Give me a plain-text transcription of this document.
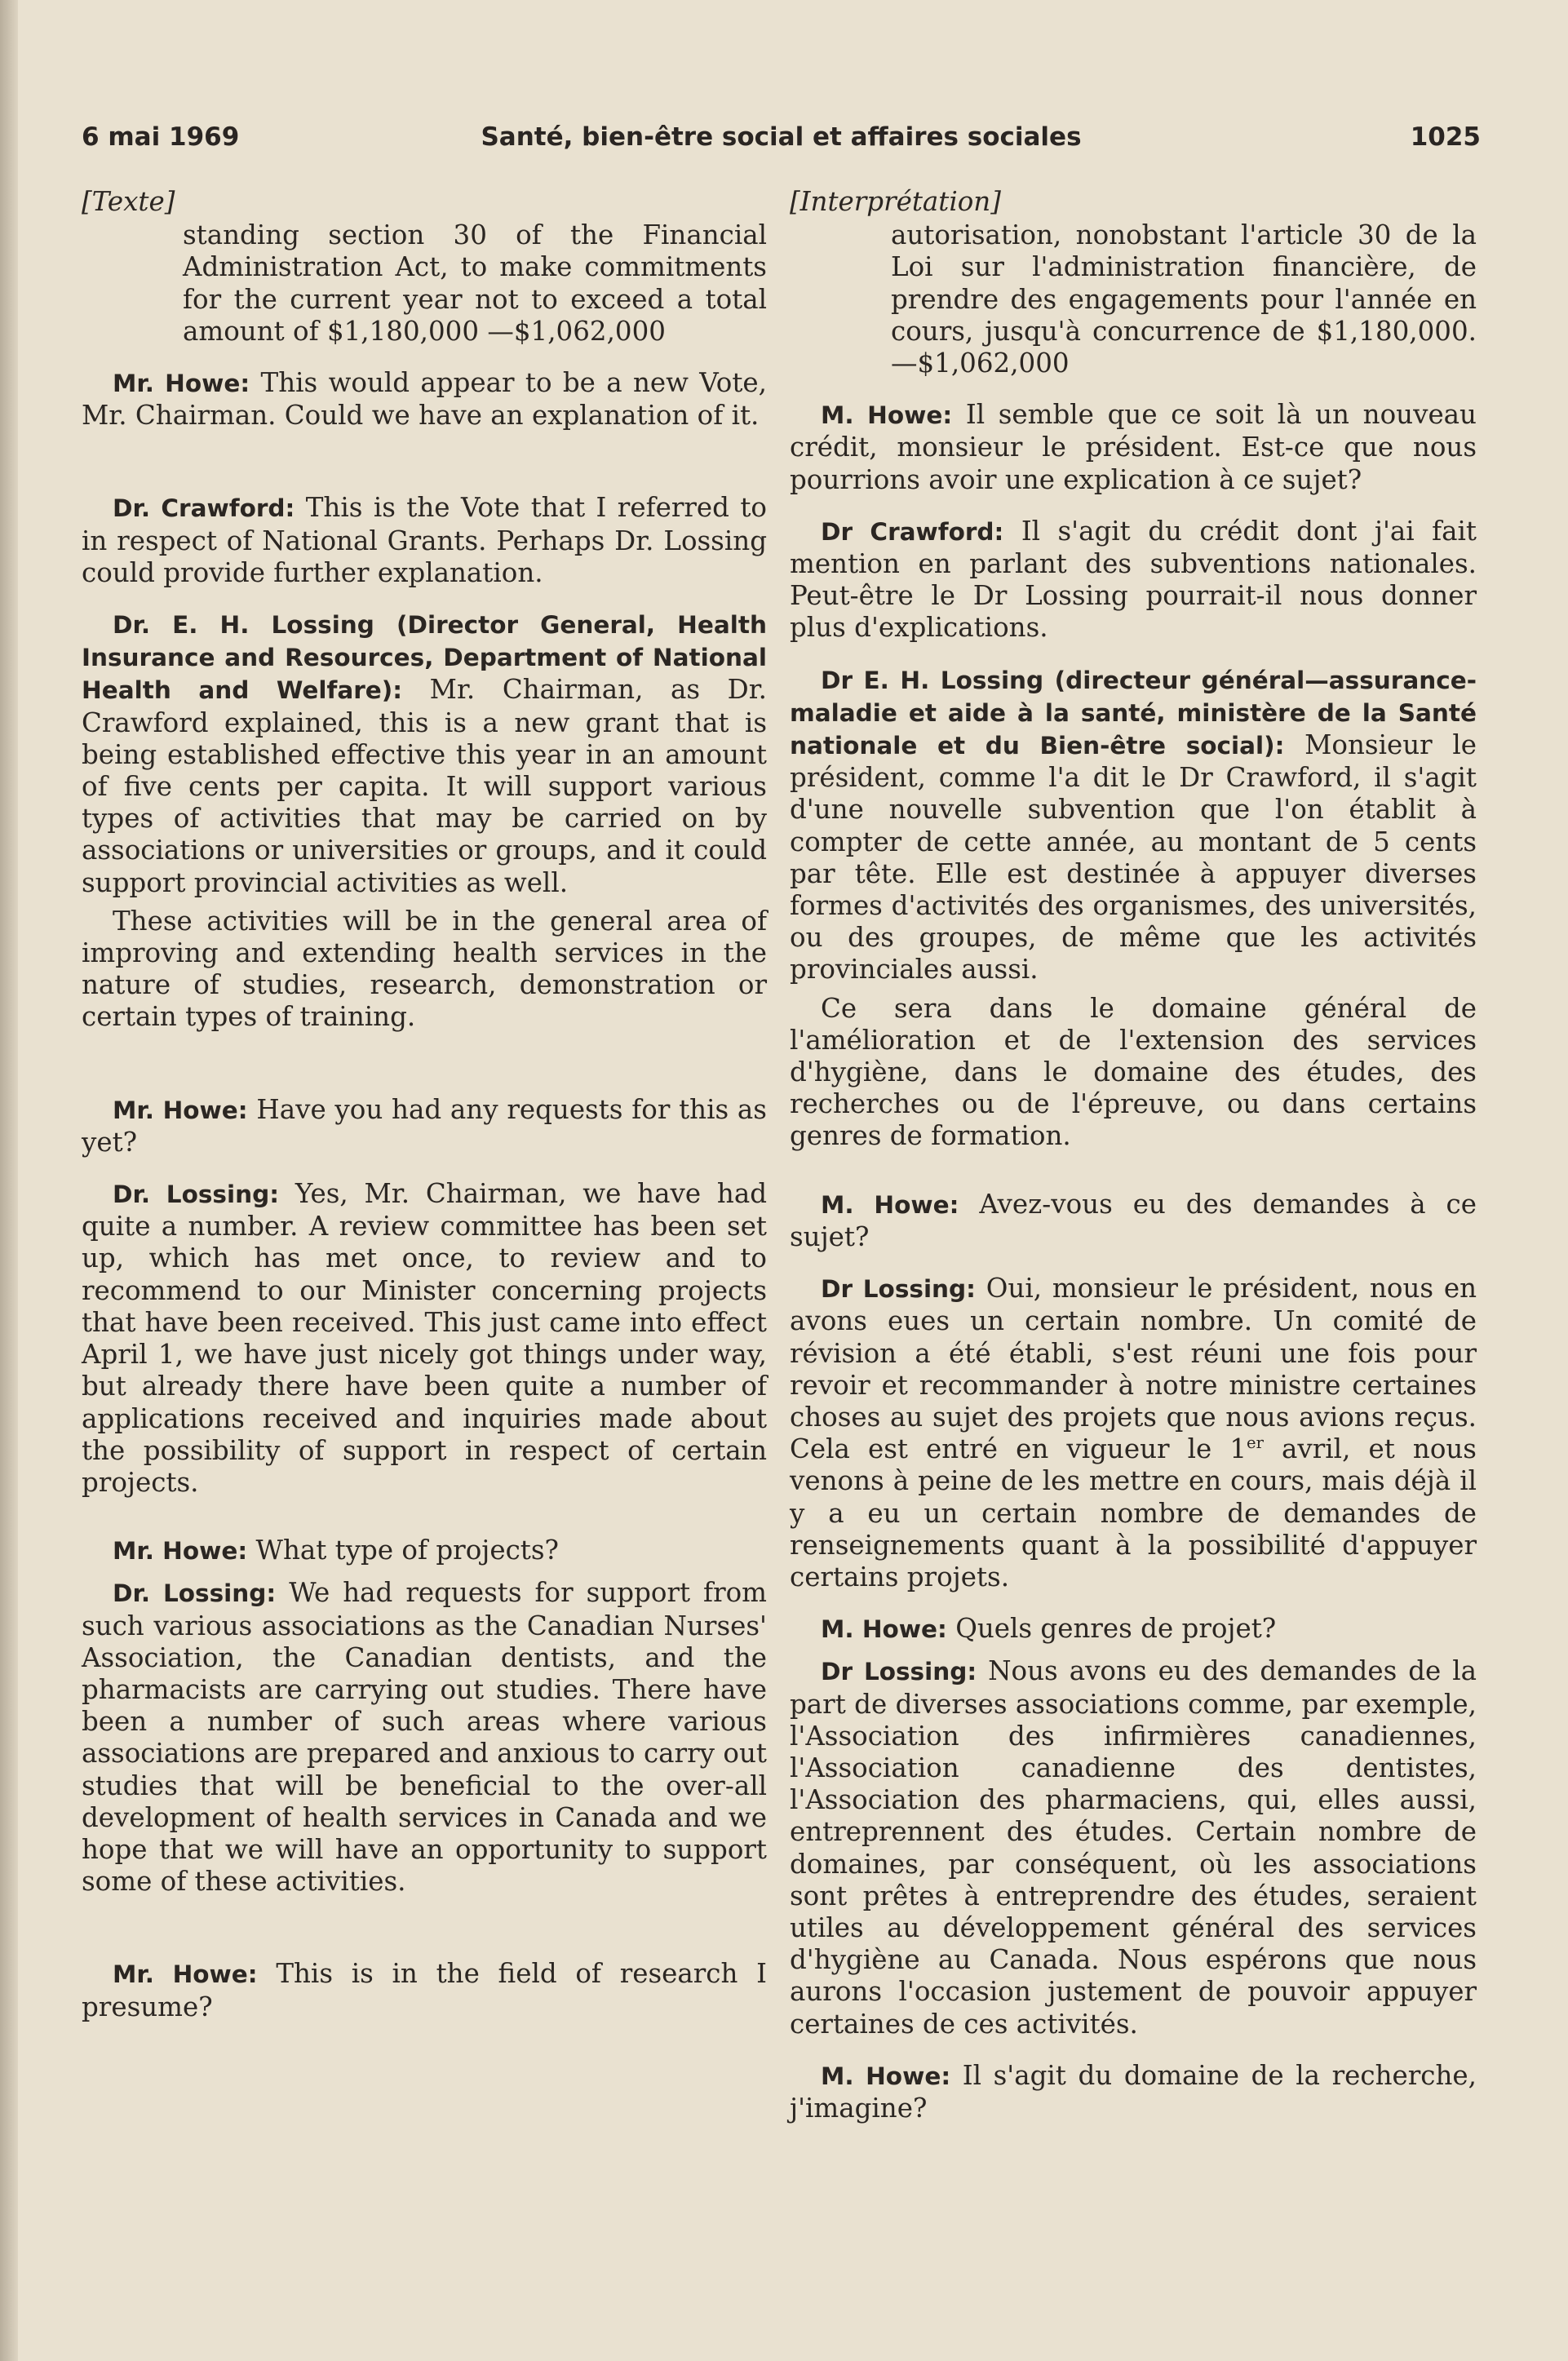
6 mai 1969	Santé, bien-être social et affaires sociales	1025
[Texte]

standing section 30 of the Financial Administration Act, to make commitments for the current year not to exceed a total amount of $1,180,000 —$1,062,000

Mr. Howe: This would appear to be a new Vote, Mr. Chairman. Could we have an explanation of it.

Dr. Crawford: This is the Vote that I referred to in respect of National Grants. Perhaps Dr. Lossing could provide further explanation.

Dr. E. H. Lossing (Director General, Health Insurance and Resources, Department of National Health and Welfare): Mr. Chairman, as Dr. Crawford explained, this is a new grant that is being established effective this year in an amount of five cents per capita. It will support various types of activities that may be carried on by associations or universities or groups, and it could support provincial activities as well.

These activities will be in the general area of improving and extending health services in the nature of studies, research, demonstration or certain types of training.

Mr. Howe: Have you had any requests for this as yet?

Dr. Lossing: Yes, Mr. Chairman, we have had quite a number. A review committee has been set up, which has met once, to review and to recommend to our Minister concerning projects that have been received. This just came into effect April 1, we have just nicely got things under way, but already there have been quite a number of applications received and inquiries made about the possibility of support in respect of certain projects.

Mr. Howe: What type of projects?

Dr. Lossing: We had requests for support from such various associations as the Canadian Nurses' Association, the Canadian dentists, and the pharmacists are carrying out studies. There have been a number of such areas where various associations are prepared and anxious to carry out studies that will be beneficial to the over-all development of health services in Canada and we hope that we will have an opportunity to support some of these activities.

Mr. Howe: This is in the field of research I presume?

[Interprétation]

autorisation, nonobstant l'article 30 de la Loi sur l'administration financière, de prendre des engagements pour l'année en cours, jusqu'à concurrence de $1,180,000.—$1,062,000

M. Howe: Il semble que ce soit là un nouveau crédit, monsieur le président. Est-ce que nous pourrions avoir une explication à ce sujet?

Dr Crawford: Il s'agit du crédit dont j'ai fait mention en parlant des subventions nationales. Peut-être le Dr Lossing pourrait-il nous donner plus d'explications.

Dr E. H. Lossing (directeur général—assurance-maladie et aide à la santé, ministère de la Santé nationale et du Bien-être social): Monsieur le président, comme l'a dit le Dr Crawford, il s'agit d'une nouvelle subvention que l'on établit à compter de cette année, au montant de 5 cents par tête. Elle est destinée à appuyer diverses formes d'activités des organismes, des universités, ou des groupes, de même que les activités provinciales aussi.

Ce sera dans le domaine général de l'amélioration et de l'extension des services d'hygiène, dans le domaine des études, des recherches ou de l'épreuve, ou dans certains genres de formation.

M. Howe: Avez-vous eu des demandes à ce sujet?

Dr Lossing: Oui, monsieur le président, nous en avons eues un certain nombre. Un comité de révision a été établi, s'est réuni une fois pour revoir et recommander à notre ministre certaines choses au sujet des projets que nous avions reçus. Cela est entré en vigueur le 1er avril, et nous venons à peine de les mettre en cours, mais déjà il y a eu un certain nombre de demandes de renseignements quant à la possibilité d'appuyer certains projets.

M. Howe: Quels genres de projet?

Dr Lossing: Nous avons eu des demandes de la part de diverses associations comme, par exemple, l'Association des infirmières canadiennes, l'Association canadienne des dentistes, l'Association des pharmaciens, qui, elles aussi, entreprennent des études. Certain nombre de domaines, par conséquent, où les associations sont prêtes à entreprendre des études, seraient utiles au développement général des services d'hygiène au Canada. Nous espérons que nous aurons l'occasion justement de pouvoir appuyer certaines de ces activités.

M. Howe: Il s'agit du domaine de la recherche, j'imagine?
